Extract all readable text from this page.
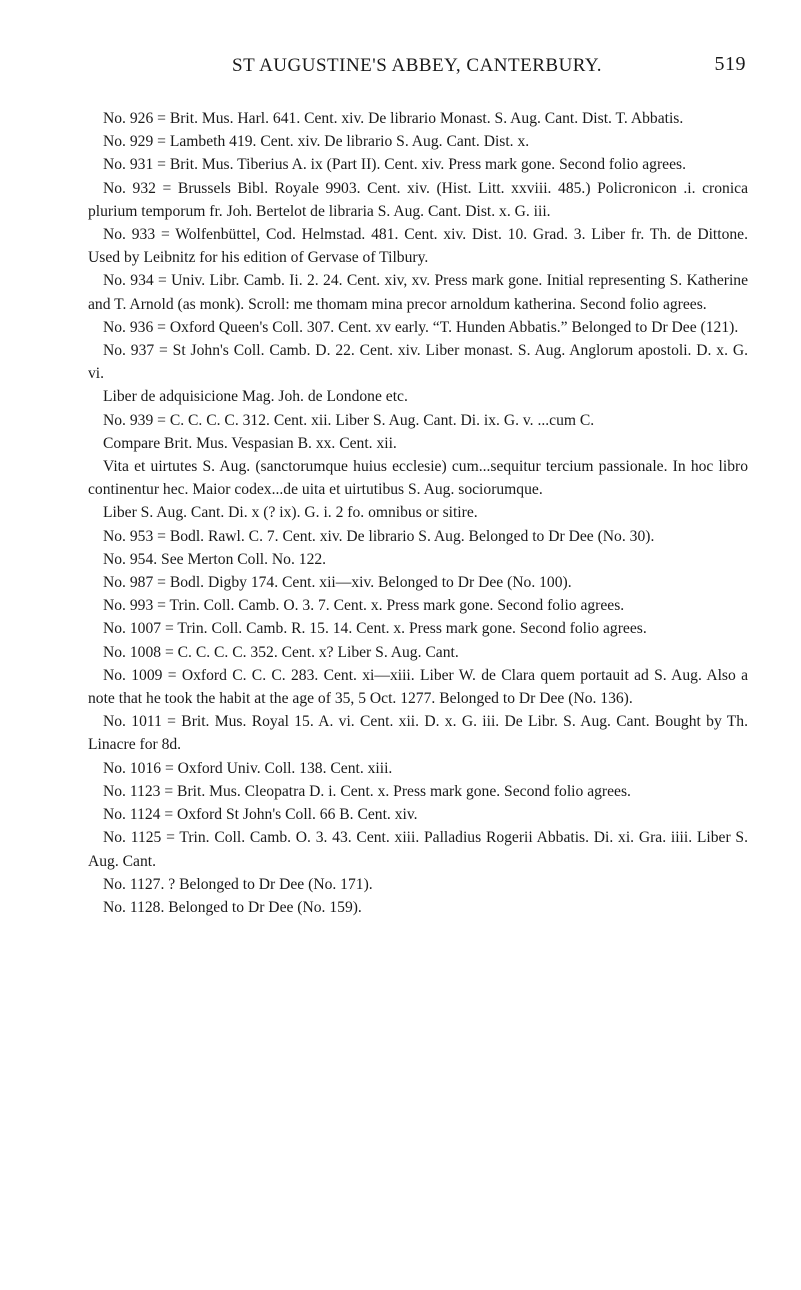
ST AUGUSTINE'S ABBEY, CANTERBURY.	519

No. 926 = Brit. Mus. Harl. 641. Cent. xiv. De librario Monast. S. Aug. Cant. Dist. T. Abbatis.

No. 929 = Lambeth 419. Cent. xiv. De librario S. Aug. Cant. Dist. x.

No. 931 = Brit. Mus. Tiberius A. ix (Part II). Cent. xiv. Press mark gone. Second folio agrees.

No. 932 = Brussels Bibl. Royale 9903. Cent. xiv. (Hist. Litt. xxviii. 485.) Policronicon .i. cronica plurium temporum fr. Joh. Bertelot de libraria S. Aug. Cant. Dist. x. G. iii.

No. 933 = Wolfenbüttel, Cod. Helmstad. 481. Cent. xiv. Dist. 10. Grad. 3. Liber fr. Th. de Dittone. Used by Leibnitz for his edition of Gervase of Tilbury.

No. 934 = Univ. Libr. Camb. Ii. 2. 24. Cent. xiv, xv. Press mark gone. Initial representing S. Katherine and T. Arnold (as monk). Scroll: me thomam mina precor arnoldum katherina. Second folio agrees.

No. 936 = Oxford Queen's Coll. 307. Cent. xv early. “T. Hunden Abbatis.” Belonged to Dr Dee (121).

No. 937 = St John's Coll. Camb. D. 22. Cent. xiv. Liber monast. S. Aug. Anglorum apostoli. D. x. G. vi.

Liber de adquisicione Mag. Joh. de Londone etc.

No. 939 = C. C. C. C. 312. Cent. xii. Liber S. Aug. Cant. Di. ix. G. v. ...cum C.

Compare Brit. Mus. Vespasian B. xx. Cent. xii.

Vita et uirtutes S. Aug. (sanctorumque huius ecclesie) cum...sequitur tercium passionale. In hoc libro continentur hec. Maior codex...de uita et uirtutibus S. Aug. sociorumque.

Liber S. Aug. Cant. Di. x (? ix). G. i. 2 fo. omnibus or sitire.

No. 953 = Bodl. Rawl. C. 7. Cent. xiv. De librario S. Aug. Belonged to Dr Dee (No. 30).

No. 954. See Merton Coll. No. 122.

No. 987 = Bodl. Digby 174. Cent. xii—xiv. Belonged to Dr Dee (No. 100).

No. 993 = Trin. Coll. Camb. O. 3. 7. Cent. x. Press mark gone. Second folio agrees.

No. 1007 = Trin. Coll. Camb. R. 15. 14. Cent. x. Press mark gone. Second folio agrees.

No. 1008 = C. C. C. C. 352. Cent. x? Liber S. Aug. Cant.

No. 1009 = Oxford C. C. C. 283. Cent. xi—xiii. Liber W. de Clara quem portauit ad S. Aug. Also a note that he took the habit at the age of 35, 5 Oct. 1277. Belonged to Dr Dee (No. 136).

No. 1011 = Brit. Mus. Royal 15. A. vi. Cent. xii. D. x. G. iii. De Libr. S. Aug. Cant. Bought by Th. Linacre for 8d.

No. 1016 = Oxford Univ. Coll. 138. Cent. xiii.

No. 1123 = Brit. Mus. Cleopatra D. i. Cent. x. Press mark gone. Second folio agrees.

No. 1124 = Oxford St John's Coll. 66 B. Cent. xiv.

No. 1125 = Trin. Coll. Camb. O. 3. 43. Cent. xiii. Palladius Rogerii Abbatis. Di. xi. Gra. iiii. Liber S. Aug. Cant.

No. 1127. ? Belonged to Dr Dee (No. 171).

No. 1128. Belonged to Dr Dee (No. 159).
